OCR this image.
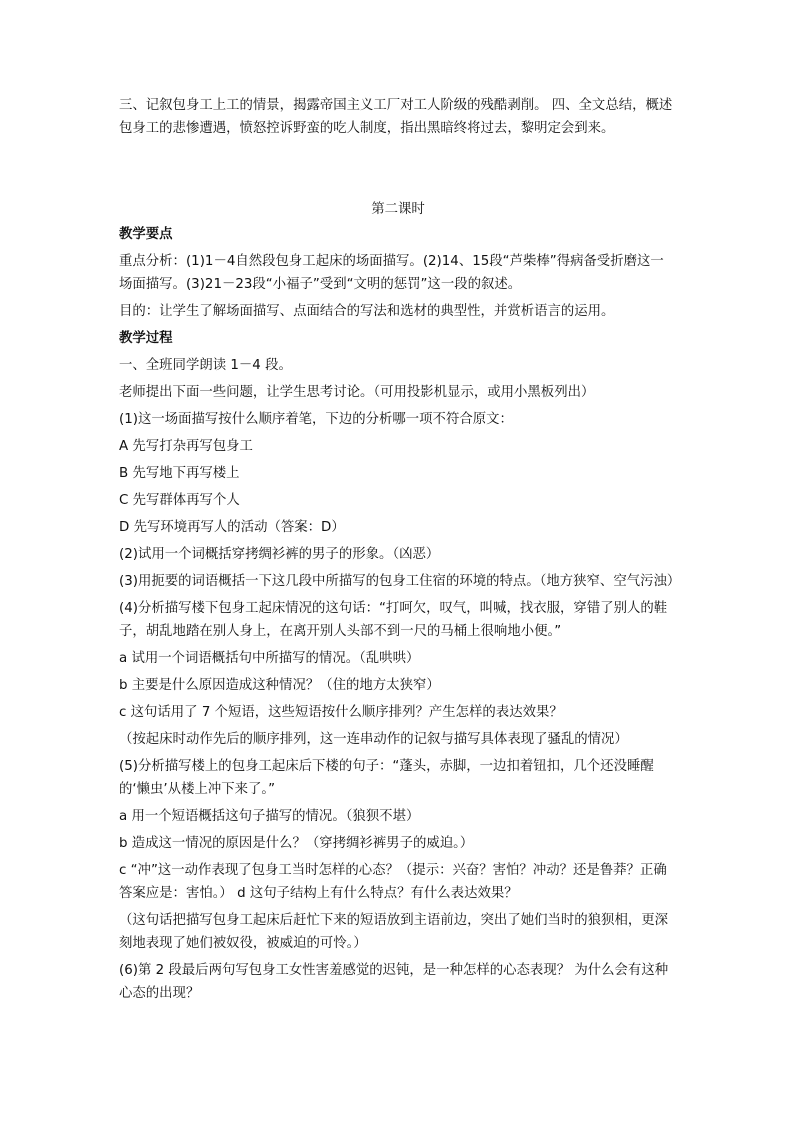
三、记叙包身工上工的情景，揭露帝国主义工厂对工人阶级的残酷剥削。 四、全文总结，概述包身工的悲惨遭遇，愤怒控诉野蛮的吃人制度，指出黑暗终将过去，黎明定会到来。

第二课时

教学要点

重点分析：(1)1－4自然段包身工起床的场面描写。(2)14、15段“芦柴棒”得病备受折磨这一场面描写。(3)21－23段“小福子”受到“文明的惩罚”这一段的叙述。

目的：让学生了解场面描写、点面结合的写法和选材的典型性，并赏析语言的运用。

教学过程

一、全班同学朗读 1－4 段。

老师提出下面一些问题，让学生思考讨论。（可用投影机显示，或用小黑板列出）

(1)这一场面描写按什么顺序着笔，下边的分析哪一项不符合原文：

A 先写打杂再写包身工

B 先写地下再写楼上

C 先写群体再写个人

D 先写环境再写人的活动（答案：D）

(2)试用一个词概括穿拷绸衫裤的男子的形象。（凶恶）

(3)用扼要的词语概括一下这几段中所描写的包身工住宿的环境的特点。（地方狭窄、空气污浊）

(4)分析描写楼下包身工起床情况的这句话：“打呵欠，叹气，叫喊，找衣服，穿错了别人的鞋子，胡乱地踏在别人身上，在离开别人头部不到一尺的马桶上很响地小便。”

a 试用一个词语概括句中所描写的情况。（乱哄哄）

b 主要是什么原因造成这种情况？（住的地方太狭窄）

c 这句话用了 7 个短语，这些短语按什么顺序排列？产生怎样的表达效果？

（按起床时动作先后的顺序排列，这一连串动作的记叙与描写具体表现了骚乱的情况）

(5)分析描写楼上的包身工起床后下楼的句子：“蓬头，赤脚，一边扣着钮扣，几个还没睡醒的‘懒虫’从楼上冲下来了。”

a 用一个短语概括这句子描写的情况。（狼狈不堪）

b 造成这一情况的原因是什么？（穿拷绸衫裤男子的威迫。）

c “冲”这一动作表现了包身工当时怎样的心态？（提示：兴奋？害怕？冲动？还是鲁莽？正确答案应是：害怕。） d 这句子结构上有什么特点？有什么表达效果？

（这句话把描写包身工起床后赶忙下来的短语放到主语前边，突出了她们当时的狼狈相，更深刻地表现了她们被奴役，被威迫的可怜。）

(6)第 2 段最后两句写包身工女性害羞感觉的迟钝，是一种怎样的心态表现？ 为什么会有这种心态的出现？
